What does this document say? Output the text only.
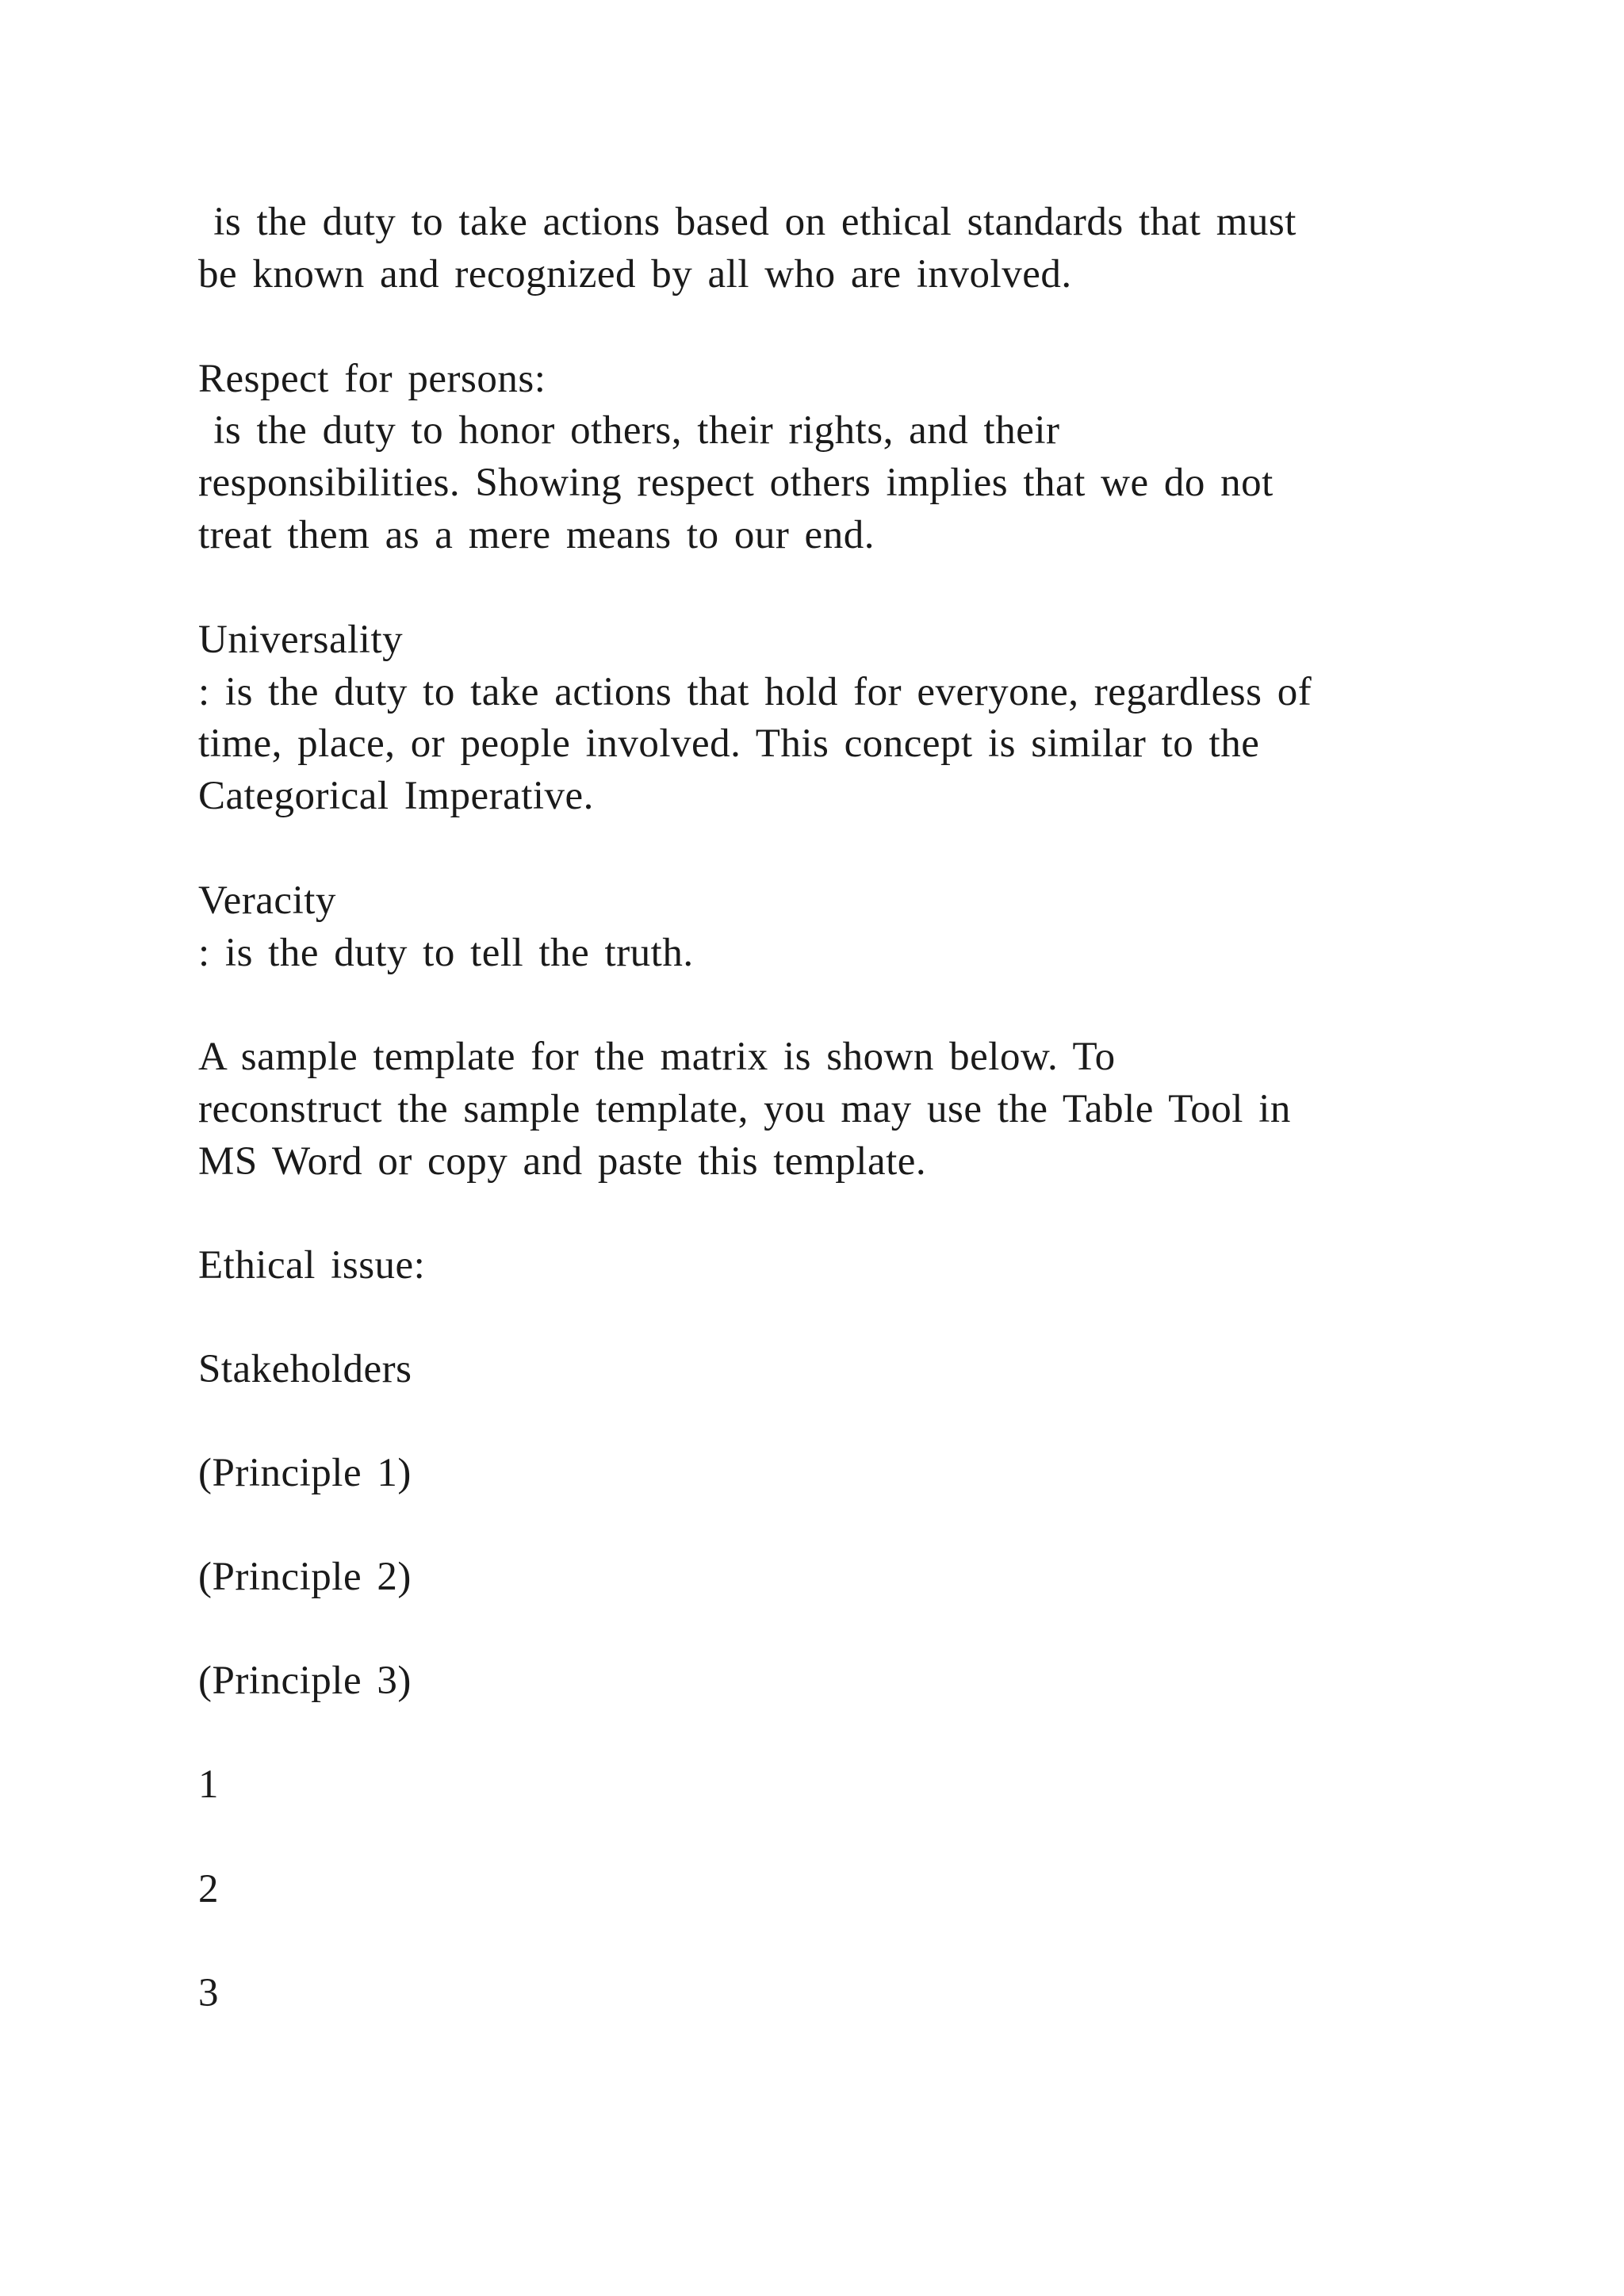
is the duty to take actions based on ethical standards that must

be known and recognized by all who are involved.

Respect for persons:

is the duty to honor others, their rights, and their

responsibilities. Showing respect others implies that we do not

treat them as a mere means to our end.

Universality

: is the duty to take actions that hold for everyone, regardless of

time, place, or people involved. This concept is similar to the

Categorical Imperative.

Veracity

: is the duty to tell the truth.

A sample template for the matrix is shown below. To

reconstruct the sample template, you may use the Table Tool in

MS Word or copy and paste this template.

Ethical issue:

Stakeholders

(Principle 1)

(Principle 2)

(Principle 3)

1

2

3
